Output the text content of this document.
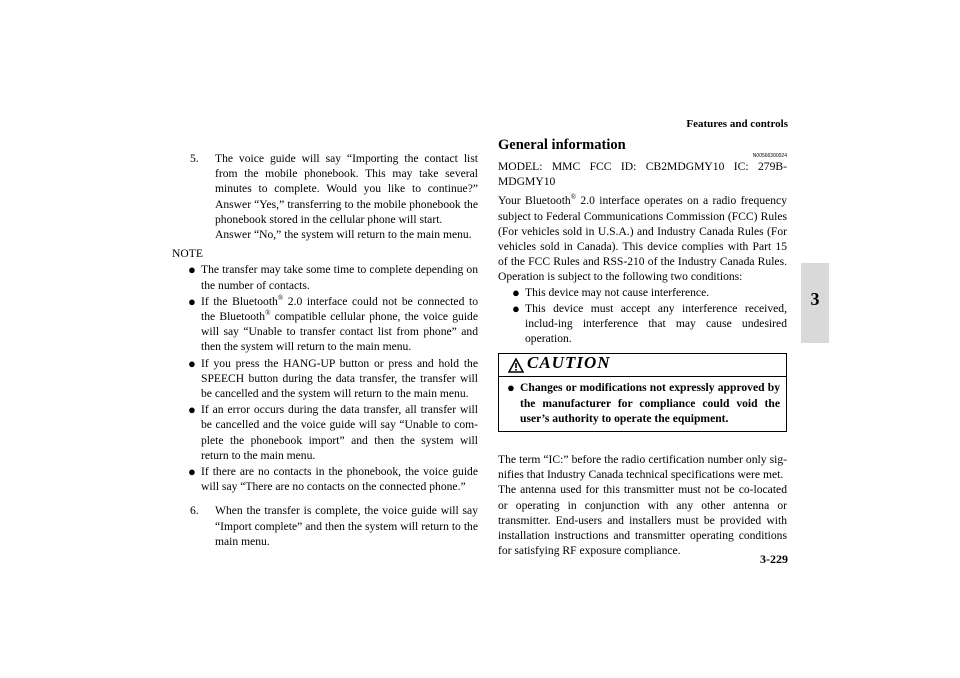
Features and controls
3
3-229
5.	The voice guide will say “Importing the contact list from the mobile phonebook. This may take several minutes to complete. Would you like to continue?” Answer “Yes,” transferring to the mobile phonebook the phonebook stored in the cellular phone will start.
Answer “No,” the system will return to the main menu.
NOTE
● The transfer may take some time to complete depending on the number of contacts.
● If the Bluetooth® 2.0 interface could not be connected to the Bluetooth® compatible cellular phone, the voice guide will say “Unable to transfer contact list from phone” and then the system will return to the main menu.
● If you press the HANG-UP button or press and hold the SPEECH button during the data transfer, the transfer will be cancelled and the system will return to the main menu.
● If an error occurs during the data transfer, all transfer will be cancelled and the voice guide will say “Unable to com-plete the phonebook import” and then the system will return to the main menu.
● If there are no contacts in the phonebook, the voice guide will say “There are no contacts on the connected phone.”
6.	When the transfer is complete, the voice guide will say “Import complete” and then the system will return to the main menu.
General information
N00566300024

MODEL: MMC FCC ID: CB2MDGMY10 IC: 279B-MDGMY10

Your Bluetooth® 2.0 interface operates on a radio frequency subject to Federal Communications Commission (FCC) Rules (For vehicles sold in U.S.A.) and Industry Canada Rules (For vehicles sold in Canada). This device complies with Part 15 of the FCC Rules and RSS-210 of the Industry Canada Rules. Operation is subject to the following two conditions:

● This device may not cause interference.
● This device must accept any interference received, includ-ing interference that may cause undesired operation.
CAUTION
● Changes or modifications not expressly approved by the manufacturer for compliance could void the user’s authority to operate the equipment.

The term “IC:” before the radio certification number only sig-nifies that Industry Canada technical specifications were met.

The antenna used for this transmitter must not be co-located or operating in conjunction with any other antenna or transmitter. End-users and installers must be provided with installation instructions and transmitter operating conditions for satisfying RF exposure compliance.
